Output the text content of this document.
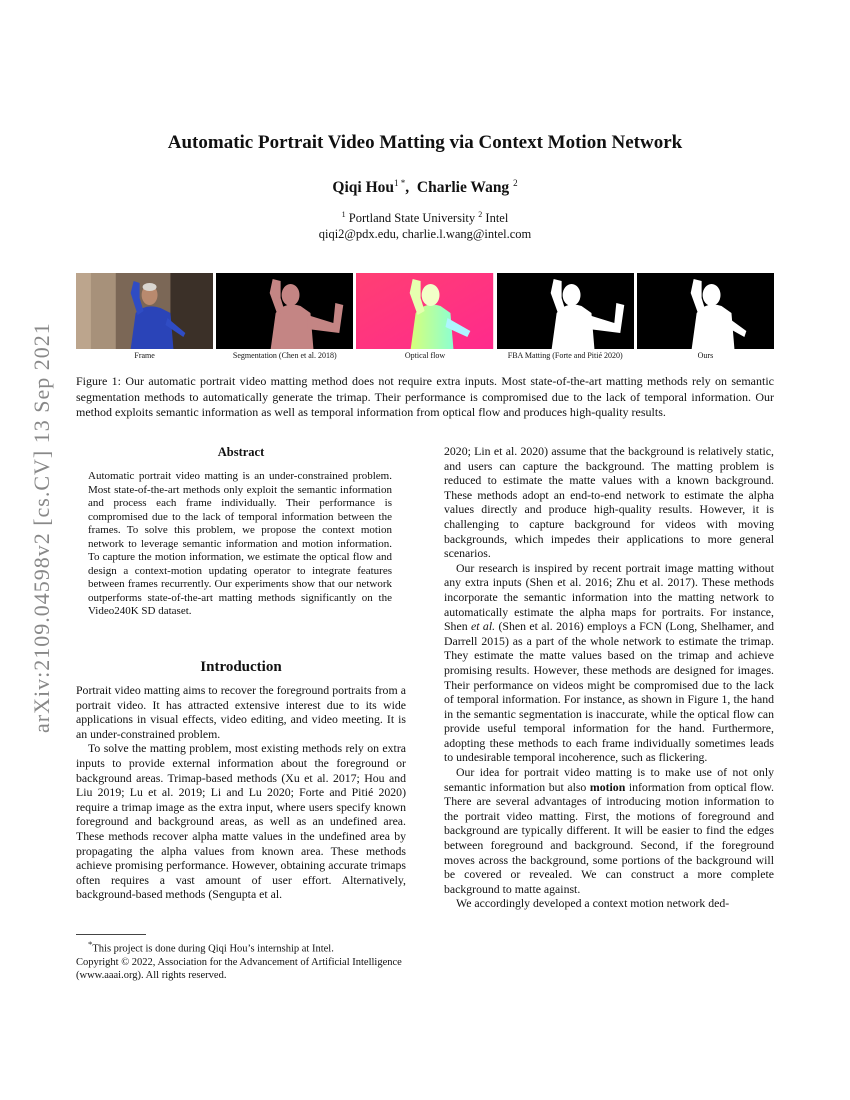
arXiv:2109.04598v2 [cs.CV] 13 Sep 2021
Automatic Portrait Video Matting via Context Motion Network
Qiqi Hou$^{1 *}$,  Charlie Wang $^2$
$^1$ Portland State University $^2$ Intel
qiqi2@pdx.edu, charlie.l.wang@intel.com
Frame	Segmentation (Chen et al. 2018)	Optical flow	FBA Matting (Forte and Pitié 2020)	Ours
Figure 1: Our automatic portrait video matting method does not require extra inputs. Most state-of-the-art matting methods rely on semantic segmentation methods to automatically generate the trimap. Their performance is compromised due to the lack of temporal information. Our method exploits semantic information as well as temporal information from optical flow and produces high-quality results.
Abstract
Automatic portrait video matting is an under-constrained problem. Most state-of-the-art methods only exploit the semantic information and process each frame individually. Their performance is compromised due to the lack of temporal information between the frames. To solve this problem, we propose the context motion network to leverage semantic information and motion information. To capture the motion information, we estimate the optical flow and design a context-motion updating operator to integrate features between frames recurrently. Our experiments show that our network outperforms state-of-the-art matting methods significantly on the Video240K SD dataset.
Introduction

Portrait video matting aims to recover the foreground portraits from a portrait video. It has attracted extensive interest due to its wide applications in visual effects, video editing, and video meeting. It is an under-constrained problem.

To solve the matting problem, most existing methods rely on extra inputs to provide external information about the foreground or background areas. Trimap-based methods (Xu et al. 2017; Hou and Liu 2019; Lu et al. 2019; Li and Lu 2020; Forte and Pitié 2020) require a trimap image as the extra input, where users specify known foreground and background areas, as well as an undefined area. These methods recover alpha matte values in the undefined area by propagating the alpha values from known area. These methods achieve promising performance. However, obtaining accurate trimaps often requires a vast amount of user effort. Alternatively, background-based methods (Sengupta et al.

*This project is done during Qiqi Hou’s internship at Intel.

Copyright © 2022, Association for the Advancement of Artificial Intelligence (www.aaai.org). All rights reserved.

2020; Lin et al. 2020) assume that the background is relatively static, and users can capture the background. The matting problem is reduced to estimate the matte values with a known background. These methods adopt an end-to-end network to estimate the alpha values directly and produce high-quality results. However, it is challenging to capture background for videos with moving backgrounds, which impedes their applications to more general scenarios.

Our research is inspired by recent portrait image matting without any extra inputs (Shen et al. 2016; Zhu et al. 2017). These methods incorporate the semantic information into the matting network to automatically estimate the alpha maps for portraits. For instance, Shen et al. (Shen et al. 2016) employs a FCN (Long, Shelhamer, and Darrell 2015) as a part of the whole network to estimate the trimap. They estimate the matte values based on the trimap and achieve promising results. However, these methods are designed for images. Their performance on videos might be compromised due to the lack of temporal information. For instance, as shown in Figure 1, the hand in the semantic segmentation is inaccurate, while the optical flow can provide useful temporal information for the hand. Furthermore, adopting these methods to each frame individually sometimes leads to undesirable temporal incoherence, such as flickering.

Our idea for portrait video matting is to make use of not only semantic information but also motion information from optical flow. There are several advantages of introducing motion information to the portrait video matting. First, the motions of foreground and background are typically different. It will be easier to find the edges between foreground and background. Second, if the foreground moves across the background, some portions of the background will be covered or revealed. We can construct a more complete background to matte against.

We accordingly developed a context motion network ded-
